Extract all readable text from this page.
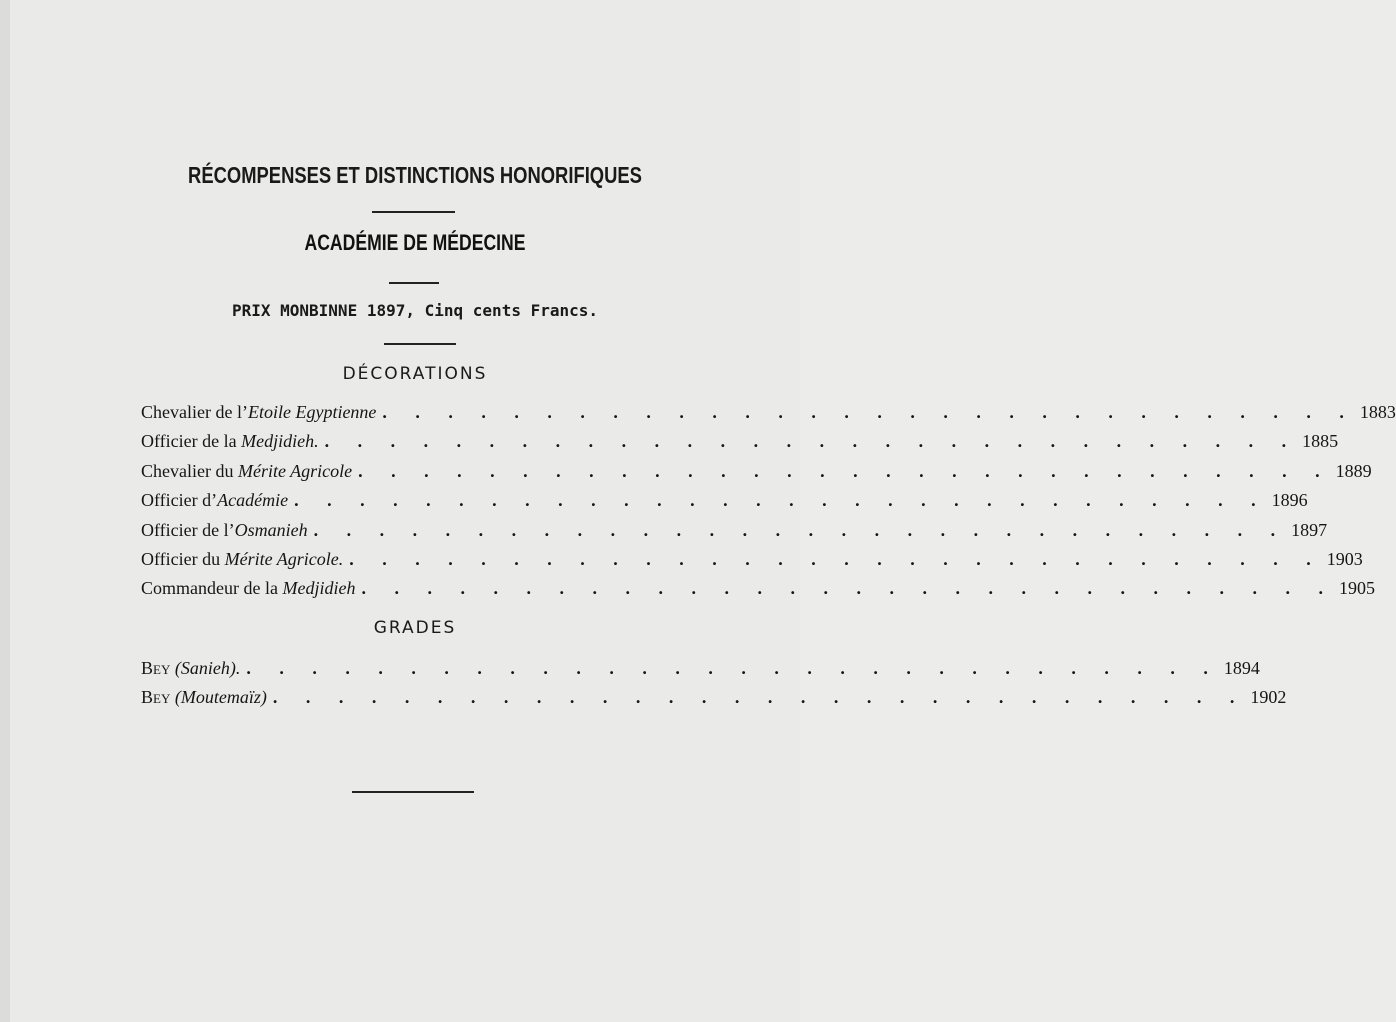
RÉCOMPENSES ET DISTINCTIONS HONORIFIQUES
ACADÉMIE DE MÉDECINE
PRIX MONBINNE 1897, Cinq cents Francs.
DÉCORATIONS
Chevalier de l’Etoile Egyptienne . . . . . . . . . . . . . . . . . . . . . . . . . . . . . . 1883
Officier de la Medjidieh. . . . . . . . . . . . . . . . . . . . . . . . . . . . . . . 1885
Chevalier du Mérite Agricole . . . . . . . . . . . . . . . . . . . . . . . . . . . . . . 1889
Officier d’Académie . . . . . . . . . . . . . . . . . . . . . . . . . . . . . . 1896
Officier de l’Osmanieh . . . . . . . . . . . . . . . . . . . . . . . . . . . . . . 1897
Officier du Mérite Agricole. . . . . . . . . . . . . . . . . . . . . . . . . . . . . . . 1903
Commandeur de la Medjidieh . . . . . . . . . . . . . . . . . . . . . . . . . . . . . . 1905
GRADES
Bey (Sanieh). . . . . . . . . . . . . . . . . . . . . . . . . . . . . . . 1894
Bey (Moutemaïz) . . . . . . . . . . . . . . . . . . . . . . . . . . . . . . 1902
